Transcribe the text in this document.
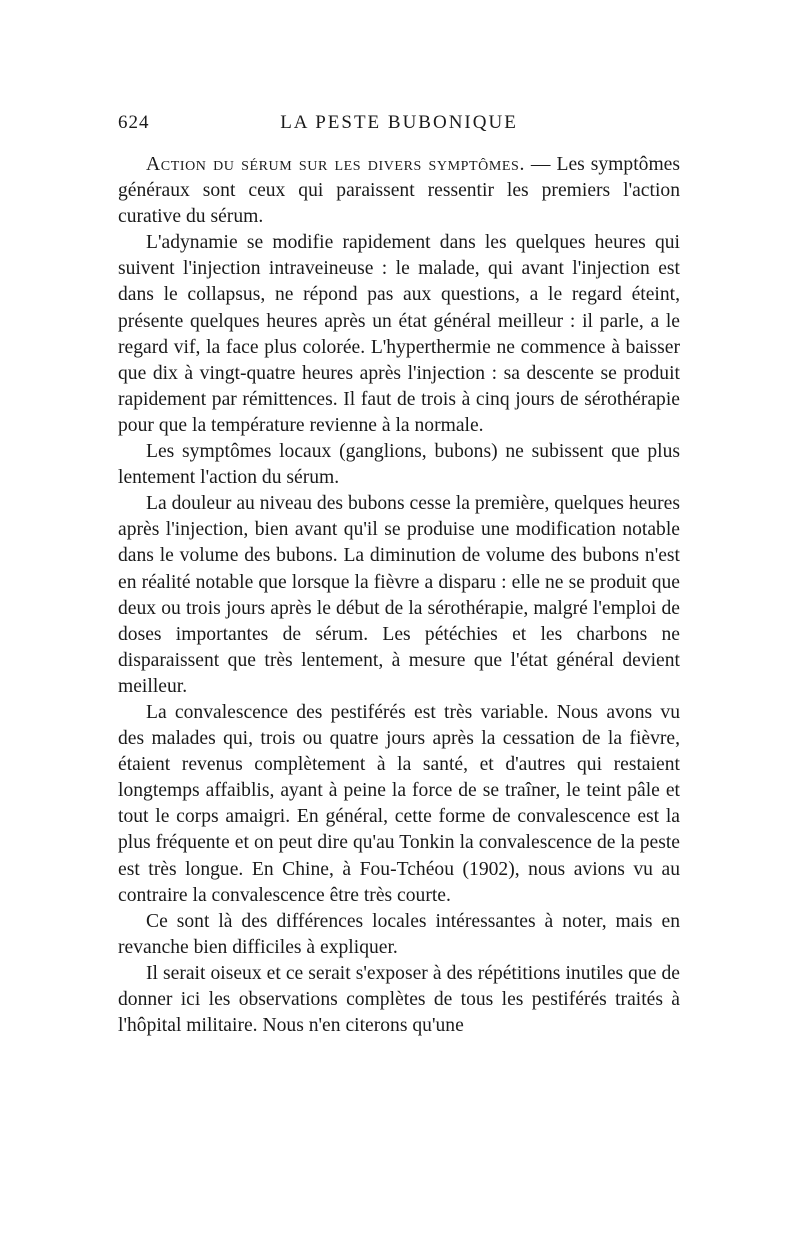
624	LA PESTE BUBONIQUE

Action du sérum sur les divers symptômes. — Les symptômes généraux sont ceux qui paraissent ressentir les premiers l'action curative du sérum.

L'adynamie se modifie rapidement dans les quelques heures qui suivent l'injection intraveineuse : le malade, qui avant l'injection est dans le collapsus, ne répond pas aux questions, a le regard éteint, présente quelques heures après un état général meilleur : il parle, a le regard vif, la face plus colorée. L'hyperthermie ne commence à baisser que dix à vingt-quatre heures après l'injection : sa descente se produit rapidement par rémittences. Il faut de trois à cinq jours de sérothérapie pour que la température revienne à la normale.

Les symptômes locaux (ganglions, bubons) ne subissent que plus lentement l'action du sérum.

La douleur au niveau des bubons cesse la première, quelques heures après l'injection, bien avant qu'il se produise une modification notable dans le volume des bubons. La diminution de volume des bubons n'est en réalité notable que lorsque la fièvre a disparu : elle ne se produit que deux ou trois jours après le début de la sérothérapie, malgré l'emploi de doses importantes de sérum. Les pétéchies et les charbons ne disparaissent que très lentement, à mesure que l'état général devient meilleur.

La convalescence des pestiférés est très variable. Nous avons vu des malades qui, trois ou quatre jours après la cessation de la fièvre, étaient revenus complètement à la santé, et d'autres qui restaient longtemps affaiblis, ayant à peine la force de se traîner, le teint pâle et tout le corps amaigri. En général, cette forme de convalescence est la plus fréquente et on peut dire qu'au Tonkin la convalescence de la peste est très longue. En Chine, à Fou-Tchéou (1902), nous avions vu au contraire la convalescence être très courte.

Ce sont là des différences locales intéressantes à noter, mais en revanche bien difficiles à expliquer.

Il serait oiseux et ce serait s'exposer à des répétitions inutiles que de donner ici les observations complètes de tous les pestiférés traités à l'hôpital militaire. Nous n'en citerons qu'une
